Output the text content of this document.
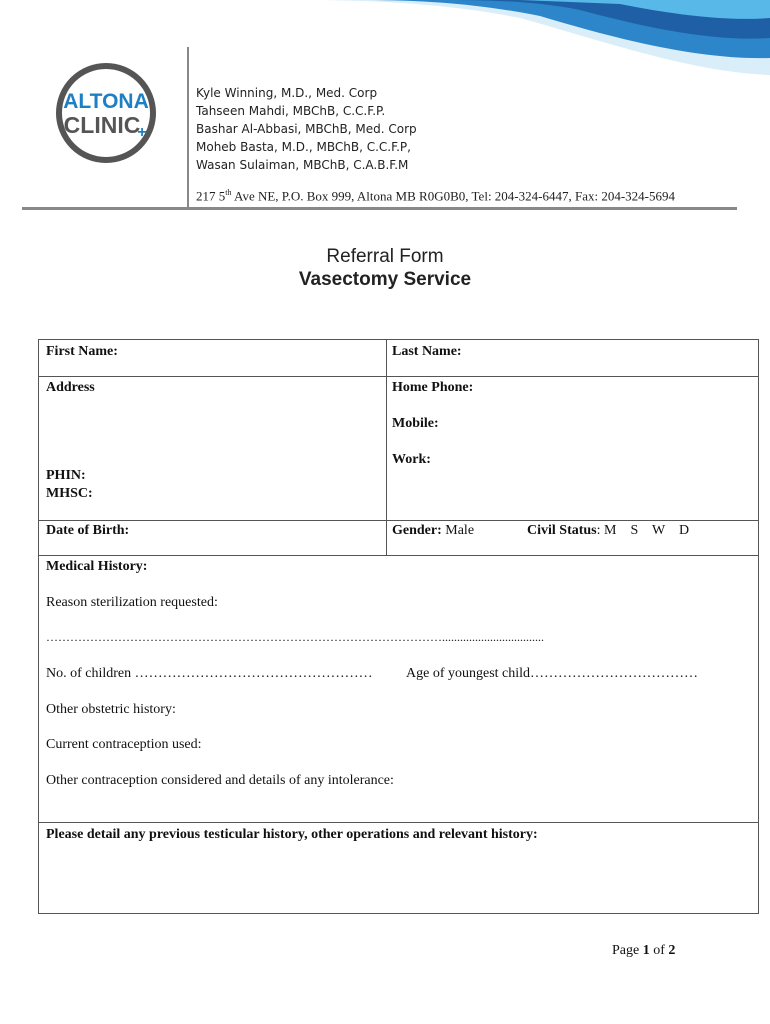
ALTONA
CLINIC
+
Kyle Winning, M.D., Med. Corp
Tahseen Mahdi, MBChB, C.C.F.P.
Bashar Al-Abbasi, MBChB, Med. Corp
Moheb Basta, M.D., MBChB, C.C.F.P,
Wasan Sulaiman, MBChB, C.A.B.F.M
217 5th Ave NE, P.O. Box 999, Altona MB R0G0B0, Tel: 204-324-6447, Fax: 204-324-5694
Referral Form
Vasectomy Service
First Name:	Last Name:
Address	Home Phone:
Mobile:
Work:
PHIN:
MHSC:
Date of Birth:	Gender: Male	Civil Status: M    S    W    D
Medical History:
Reason sterilization requested:
………………………………………………………………………………………..................................
No. of children …………………………………………… Age of youngest child………………………………
Other obstetric history:
Current contraception used:
Other contraception considered and details of any intolerance:
Please detail any previous testicular history, other operations and relevant history:
Page 1 of 2
